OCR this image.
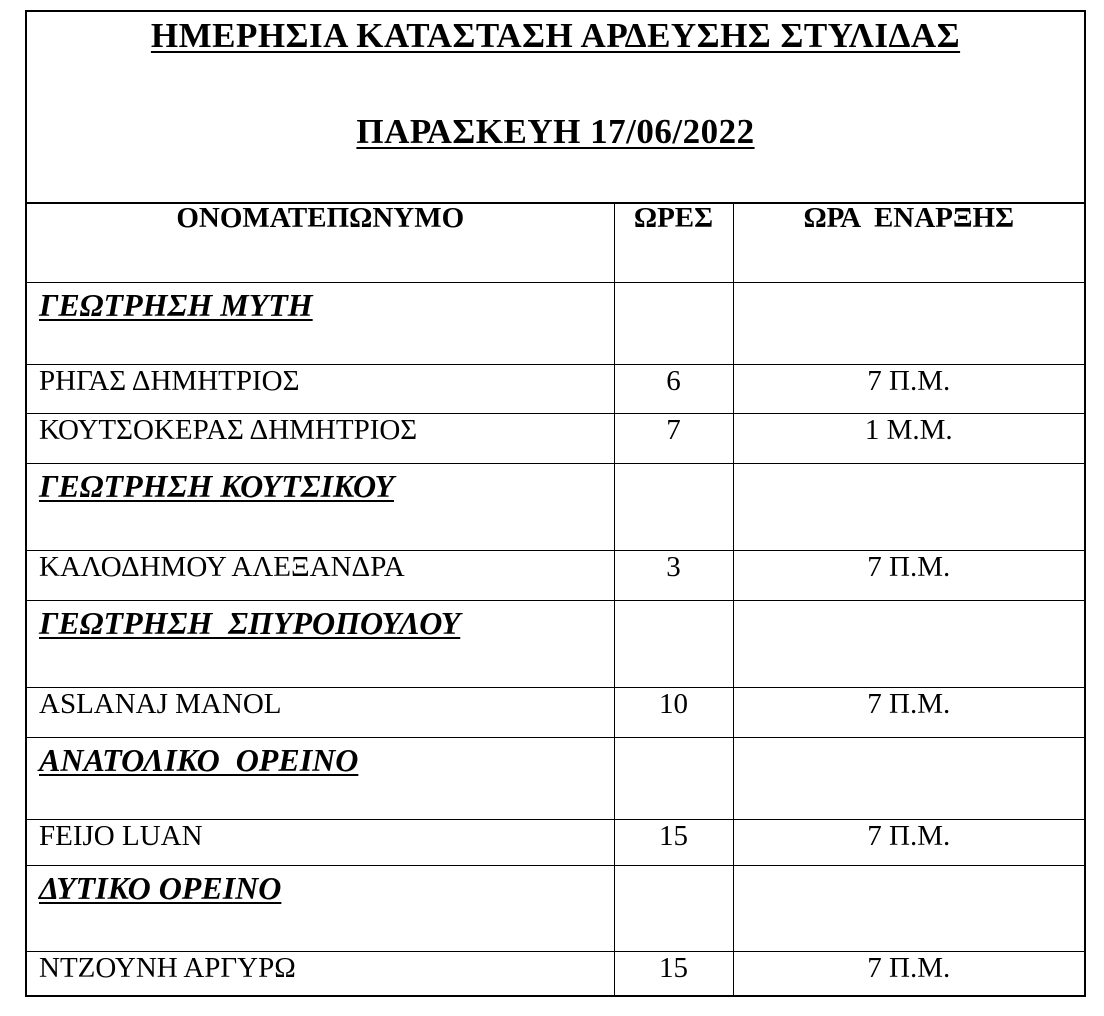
ΗΜΕΡΗΣΙΑ ΚΑΤΑΣΤΑΣΗ ΑΡΔΕΥΣΗΣ ΣΤΥΛΙΔΑΣ
ΠΑΡΑΣΚΕΥΗ 17/06/2022
ΟΝΟΜΑΤΕΠΩΝΥΜΟ	ΩΡΕΣ	ΩΡΑ  ΕΝΑΡΞΗΣ

ΓΕΩΤΡΗΣΗ ΜΥΤΗ		

ΡΗΓΑΣ ΔΗΜΗΤΡΙΟΣ	6	7 Π.Μ.
ΚΟΥΤΣΟΚΕΡΑΣ ΔΗΜΗΤΡΙΟΣ	7	1 Μ.Μ.

ΓΕΩΤΡΗΣΗ ΚΟΥΤΣΙΚΟΥ		

ΚΑΛΟΔΗΜΟΥ ΑΛΕΞΑΝΔΡΑ	3	7 Π.Μ.

ΓΕΩΤΡΗΣΗ  ΣΠΥΡΟΠΟΥΛΟΥ		

ASLANAJ MANOL	10	7 Π.Μ.

ΑΝΑΤΟΛΙΚΟ  ΟΡΕΙΝΟ		

FEIJO LUAN	15	7 Π.Μ.

ΔΥΤΙΚΟ ΟΡΕΙΝΟ		

ΝΤΖΟΥΝΗ ΑΡΓΥΡΩ	15	7 Π.Μ.
